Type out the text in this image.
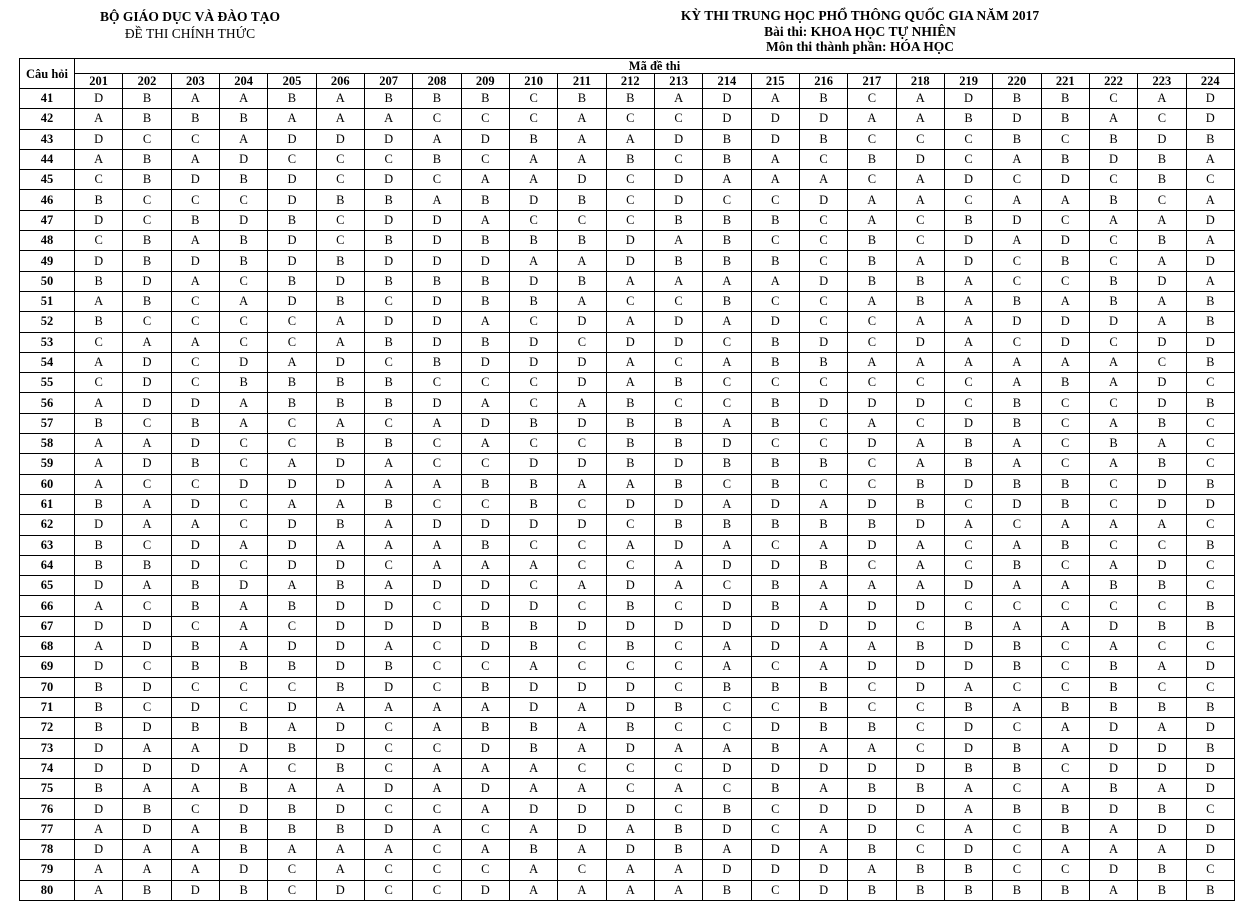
BỘ GIÁO DỤC VÀ ĐÀO TẠO
ĐỀ THI CHÍNH THỨC
KỲ THI TRUNG HỌC PHỔ THÔNG QUỐC GIA NĂM 2017
Bài thi: KHOA HỌC TỰ NHIÊN
Môn thi thành phần: HÓA HỌC
Câu hỏi	Mã đề thi																							
	201	202	203	204	205	206	207	208	209	210	211	212	213	214	215	216	217	218	219	220	221	222	223	224
41	D	B	A	A	B	A	B	B	B	C	B	B	A	D	A	B	C	A	D	B	B	C	A	D
42	A	B	B	B	A	A	A	C	C	C	A	C	C	D	D	D	A	A	B	D	B	A	C	D
43	D	C	C	A	D	D	D	A	D	B	A	A	D	B	D	B	C	C	C	B	C	B	D	B
44	A	B	A	D	C	C	C	B	C	A	A	B	C	B	A	C	B	D	C	A	B	D	B	A
45	C	B	D	B	D	C	D	C	A	A	D	C	D	A	A	A	C	A	D	C	D	C	B	C
46	B	C	C	C	D	B	B	A	B	D	B	C	D	C	C	D	A	A	C	A	A	B	C	A
47	D	C	B	D	B	C	D	D	A	C	C	C	B	B	B	C	A	C	B	D	C	A	A	D
48	C	B	A	B	D	C	B	D	B	B	B	D	A	B	C	C	B	C	D	A	D	C	B	A
49	D	B	D	B	D	B	D	D	D	A	A	D	B	B	B	C	B	A	D	C	B	C	A	D
50	B	D	A	C	B	D	B	B	B	D	B	A	A	A	A	D	B	B	A	C	C	B	D	A
51	A	B	C	A	D	B	C	D	B	B	A	C	C	B	C	C	A	B	A	B	A	B	A	B
52	B	C	C	C	C	A	D	D	A	C	D	A	D	A	D	C	C	A	A	D	D	D	A	B
53	C	A	A	C	C	A	B	D	B	D	C	D	D	C	B	D	C	D	A	C	D	C	D	D
54	A	D	C	D	A	D	C	B	D	D	D	A	C	A	B	B	A	A	A	A	A	A	C	B
55	C	D	C	B	B	B	B	C	C	C	D	A	B	C	C	C	C	C	C	A	B	A	D	C
56	A	D	D	A	B	B	B	D	A	C	A	B	C	C	B	D	D	D	C	B	C	C	D	B
57	B	C	B	A	C	A	C	A	D	B	D	B	B	A	B	C	A	C	D	B	C	A	B	C
58	A	A	D	C	C	B	B	C	A	C	C	B	B	D	C	C	D	A	B	A	C	B	A	C
59	A	D	B	C	A	D	A	C	C	D	D	B	D	B	B	B	C	A	B	A	C	A	B	C
60	A	C	C	D	D	D	A	A	B	B	A	A	B	C	B	C	C	B	D	B	B	C	D	B
61	B	A	D	C	A	A	B	C	C	B	C	D	D	A	D	A	D	B	C	D	B	C	D	D
62	D	A	A	C	D	B	A	D	D	D	D	C	B	B	B	B	B	D	A	C	A	A	A	C
63	B	C	D	A	D	A	A	A	B	C	C	A	D	A	C	A	D	A	C	A	B	C	C	B
64	B	B	D	C	D	D	C	A	A	A	C	C	A	D	D	B	C	A	C	B	C	A	D	C
65	D	A	B	D	A	B	A	D	D	C	A	D	A	C	B	A	A	A	D	A	A	B	B	C
66	A	C	B	A	B	D	D	C	D	D	C	B	C	D	B	A	D	D	C	C	C	C	C	B
67	D	D	C	A	C	D	D	D	B	B	D	D	D	D	D	D	D	C	B	A	A	D	B	B
68	A	D	B	A	D	D	A	C	D	B	C	B	C	A	D	A	A	B	D	B	C	A	C	C
69	D	C	B	B	B	D	B	C	C	A	C	C	C	A	C	A	D	D	D	B	C	B	A	D
70	B	D	C	C	C	B	D	C	B	D	D	D	C	B	B	B	C	D	A	C	C	B	C	C
71	B	C	D	C	D	A	A	A	A	D	A	D	B	C	C	B	C	C	B	A	B	B	B	B
72	B	D	B	B	A	D	C	A	B	B	A	B	C	C	D	B	B	C	D	C	A	D	A	D
73	D	A	A	D	B	D	C	C	D	B	A	D	A	A	B	A	A	C	D	B	A	D	D	B
74	D	D	D	A	C	B	C	A	A	A	C	C	C	D	D	D	D	D	B	B	C	D	D	D
75	B	A	A	B	A	A	D	A	D	A	A	C	A	C	B	A	B	B	A	C	A	B	A	D
76	D	B	C	D	B	D	C	C	A	D	D	D	C	B	C	D	D	D	A	B	B	D	B	C
77	A	D	A	B	B	B	D	A	C	A	D	A	B	D	C	A	D	C	A	C	B	A	D	D
78	D	A	A	B	A	A	A	C	A	B	A	D	B	A	D	A	B	C	D	C	A	A	A	D
79	A	A	A	D	C	A	C	C	C	A	C	A	A	D	D	D	A	B	B	C	C	D	B	C
80	A	B	D	B	C	D	C	C	D	A	A	A	A	B	C	D	B	B	B	B	B	A	B	B
